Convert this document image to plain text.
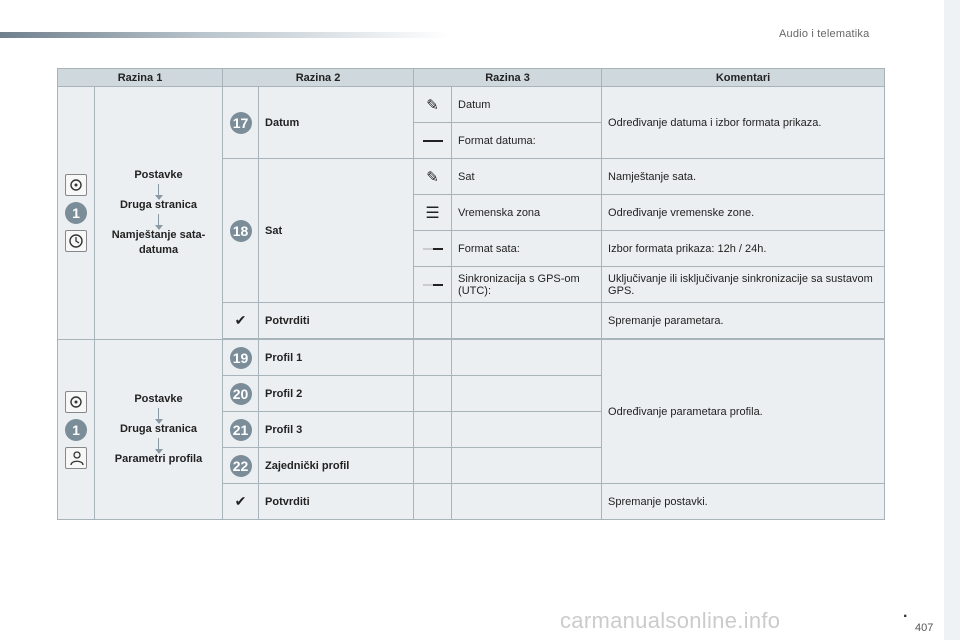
Audio i telematika
Razina 1		Razina 2		Razina 3		Komentari

1	Postavke
Druga stranica
Namještanje sata-datuma	17	Datum	✎	Datum	Određivanje datuma i izbor formata prikaza.
					Format datuma:	
		18	Sat	✎	Sat	Namještanje sata.
				☰	Vremenska zona	Određivanje vremenske zone.
					Format sata:	Izbor formata prikaza: 12h / 24h.
					Sinkronizacija s GPS-om (UTC):	Uključivanje ili isključivanje sinkronizacije sa sustavom GPS.
		✔	Potvrditi			Spremanje parametara.

1	Postavke
Druga stranica
Parametri profila	19	Profil 1			Određivanje parametara profila.
		20	Profil 2			
		21	Profil 3			
		22	Zajednički profil			
		✔	Potvrditi			Spremanje postavki.
carmanualsonline.info	.
407
